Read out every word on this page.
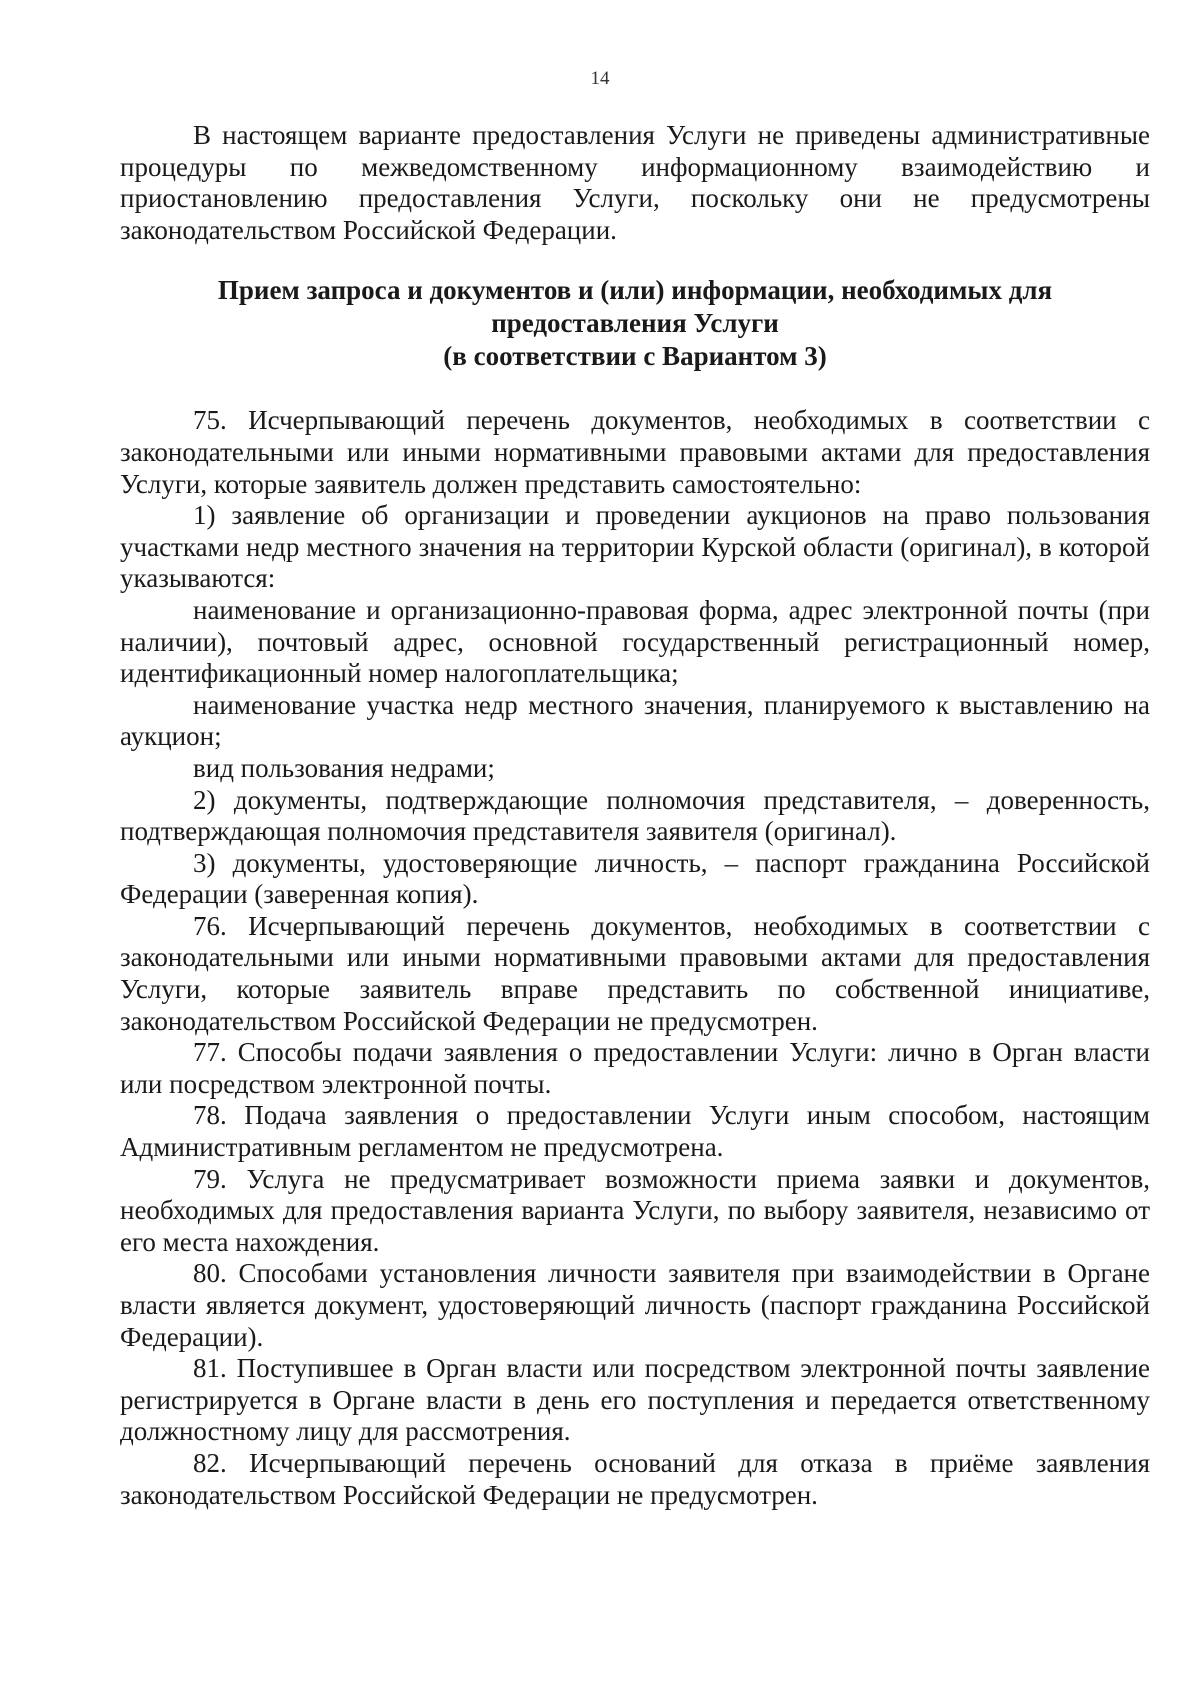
14

В настоящем варианте предоставления Услуги не приведены административные процедуры по межведомственному информационному взаимодействию и приостановлению предоставления Услуги, поскольку они не предусмотрены законодательством Российской Федерации.

Прием запроса и документов и (или) информации, необходимых для
предоставления Услуги
(в соответствии с Вариантом 3)

75. Исчерпывающий перечень документов, необходимых в соответствии с законодательными или иными нормативными правовыми актами для предоставления Услуги, которые заявитель должен представить самостоятельно:

1) заявление об организации и проведении аукционов на право пользования участками недр местного значения на территории Курской области (оригинал), в которой указываются:

наименование и организационно-правовая форма, адрес электронной почты (при наличии), почтовый адрес, основной государственный регистрационный номер, идентификационный номер налогоплательщика;

наименование участка недр местного значения, планируемого к выставлению на аукцион;

вид пользования недрами;

2) документы, подтверждающие полномочия представителя, – доверенность, подтверждающая полномочия представителя заявителя (оригинал).

3) документы, удостоверяющие личность, – паспорт гражданина Российской Федерации (заверенная копия).

76. Исчерпывающий перечень документов, необходимых в соответствии с законодательными или иными нормативными правовыми актами для предоставления Услуги, которые заявитель вправе представить по собственной инициативе, законодательством Российской Федерации не предусмотрен.

77. Способы подачи заявления о предоставлении Услуги: лично в Орган власти или посредством электронной почты.

78. Подача заявления о предоставлении Услуги иным способом, настоящим Административным регламентом не предусмотрена.

79. Услуга не предусматривает возможности приема заявки и документов, необходимых для предоставления варианта Услуги, по выбору заявителя, независимо от его места нахождения.

80. Способами установления личности заявителя при взаимодействии в Органе власти является документ, удостоверяющий личность (паспорт гражданина Российской Федерации).

81. Поступившее в Орган власти или посредством электронной почты заявление регистрируется в Органе власти в день его поступления и передается ответственному должностному лицу для рассмотрения.

82. Исчерпывающий перечень оснований для отказа в приёме заявления законодательством Российской Федерации не предусмотрен.
